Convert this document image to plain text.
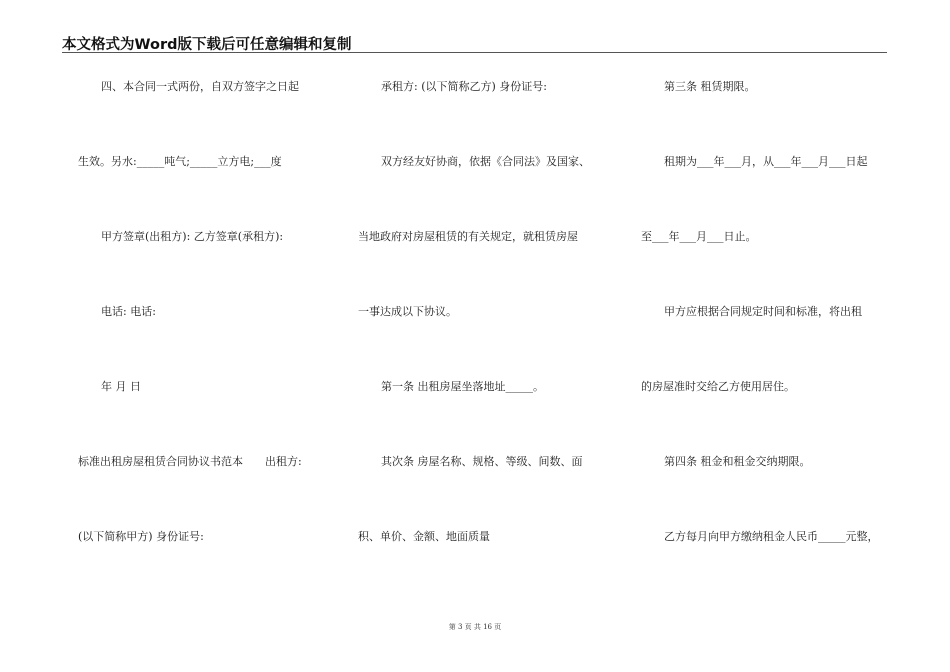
本文格式为Word版下载后可任意编辑和复制
四、本合同一式两份，自双方签字之日起
生效。另水:_____吨气;_____立方电;___度
甲方签章(出租方): 乙方签章(承租方):
电话: 电话:
年 月 日
标准出租房屋租赁合同协议书范本　　出租方:
(以下简称甲方) 身份证号:
承租方: (以下简称乙方) 身份证号:
双方经友好协商，依据《合同法》及国家、
当地政府对房屋租赁的有关规定，就租赁房屋
一事达成以下协议。
第一条 出租房屋坐落地址_____。
其次条 房屋名称、规格、等级、间数、面
积、单价、金额、地面质量
第三条 租赁期限。
租期为___年___月，从___年___月___日起
至___年___月___日止。
甲方应根据合同规定时间和标准，将出租
的房屋准时交给乙方使用居住。
第四条 租金和租金交纳期限。
乙方每月向甲方缴纳租金人民币_____元整，
第 3 页 共 16 页
